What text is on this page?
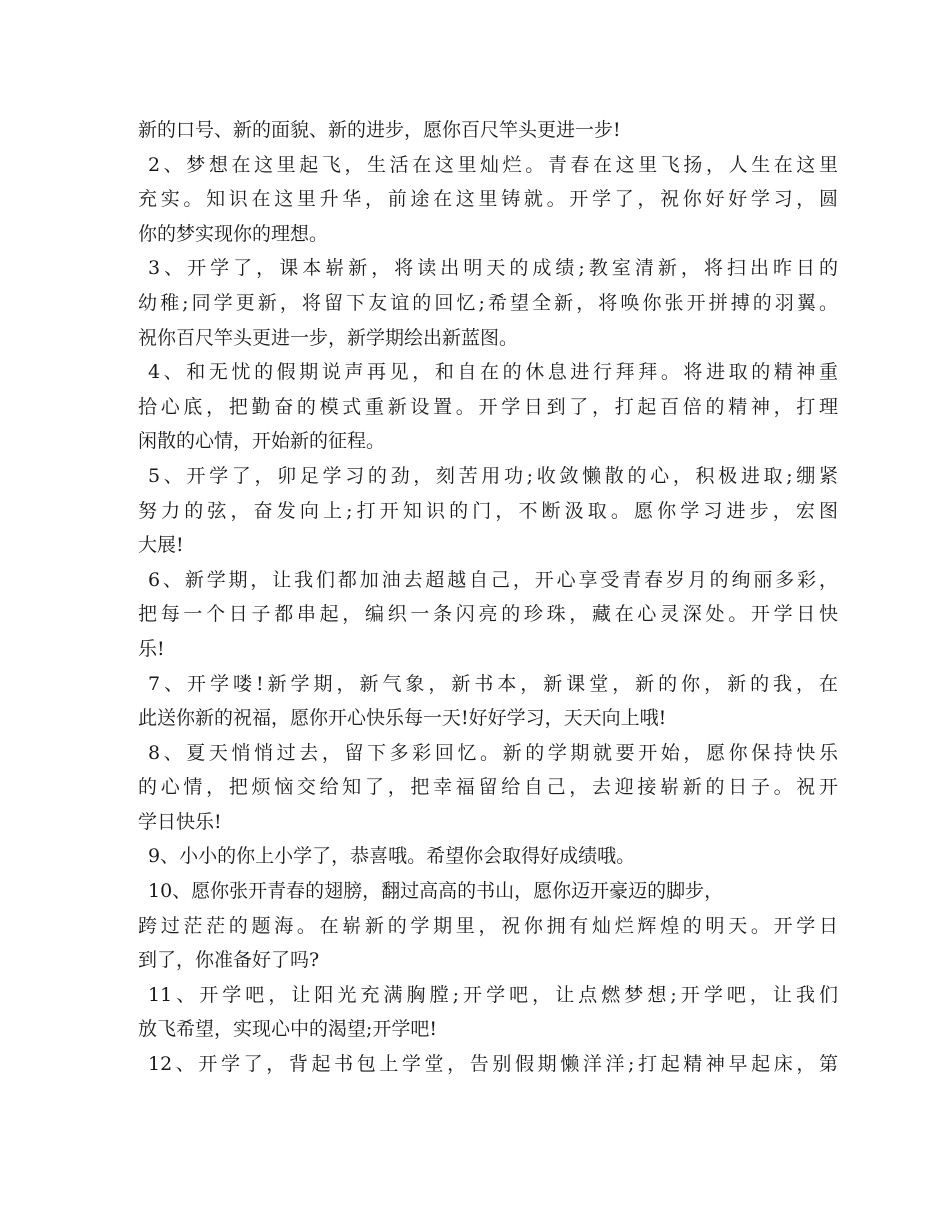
新的口号、新的面貌、新的进步，愿你百尺竿头更进一步!
2、梦想在这里起飞，生活在这里灿烂。青春在这里飞扬，人生在这里
充实。知识在这里升华，前途在这里铸就。开学了，祝你好好学习，圆
你的梦实现你的理想。
3、开学了，课本崭新，将读出明天的成绩;教室清新，将扫出昨日的
幼稚;同学更新，将留下友谊的回忆;希望全新，将唤你张开拼搏的羽翼。
祝你百尺竿头更进一步，新学期绘出新蓝图。
4、和无忧的假期说声再见，和自在的休息进行拜拜。将进取的精神重
拾心底，把勤奋的模式重新设置。开学日到了，打起百倍的精神，打理
闲散的心情，开始新的征程。
5、开学了，卯足学习的劲，刻苦用功;收敛懒散的心，积极进取;绷紧
努力的弦，奋发向上;打开知识的门，不断汲取。愿你学习进步，宏图
大展!
6、新学期，让我们都加油去超越自己，开心享受青春岁月的绚丽多彩，
把每一个日子都串起，编织一条闪亮的珍珠，藏在心灵深处。开学日快
乐!
7、开学喽!新学期，新气象，新书本，新课堂，新的你，新的我，在
此送你新的祝福，愿你开心快乐每一天!好好学习，天天向上哦!
8、夏天悄悄过去，留下多彩回忆。新的学期就要开始，愿你保持快乐
的心情，把烦恼交给知了，把幸福留给自己，去迎接崭新的日子。祝开
学日快乐!
9、小小的你上小学了，恭喜哦。希望你会取得好成绩哦。
10、愿你张开青春的翅膀，翻过高高的书山，愿你迈开豪迈的脚步，
跨过茫茫的题海。在崭新的学期里，祝你拥有灿烂辉煌的明天。开学日
到了，你准备好了吗?
11、开学吧，让阳光充满胸膛;开学吧，让点燃梦想;开学吧，让我们
放飞希望，实现心中的渴望;开学吧!
12、开学了，背起书包上学堂，告别假期懒洋洋;打起精神早起床，第
